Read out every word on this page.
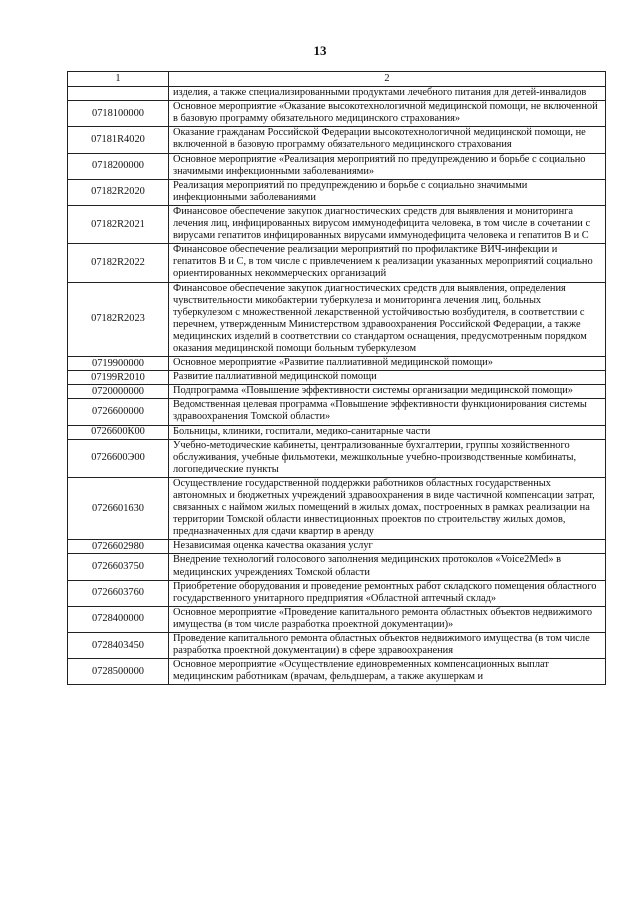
13
1	2
	изделия, а также специализированными продуктами лечебного питания для детей-инвалидов
0718100000	Основное мероприятие «Оказание высокотехнологичной медицинской помощи, не включенной в базовую программу обязательного медицинского страхования»
07181R4020	Оказание гражданам Российской Федерации высокотехнологичной медицинской помощи, не включенной в базовую программу обязательного медицинского страхования
0718200000	Основное мероприятие «Реализация мероприятий по предупреждению и борьбе с социально значимыми инфекционными заболеваниями»
07182R2020	Реализация мероприятий по предупреждению и борьбе с социально значимыми инфекционными заболеваниями
07182R2021	Финансовое обеспечение закупок диагностических средств для выявления и мониторинга лечения лиц, инфицированных вирусом иммунодефицита человека, в том числе в сочетании с вирусами гепатитов инфицированных вирусами иммунодефицита человека и гепатитов B и C
07182R2022	Финансовое обеспечение реализации мероприятий по профилактике ВИЧ-инфекции и гепатитов B и C, в том числе с привлечением к реализации указанных мероприятий социально ориентированных некоммерческих организаций
07182R2023	Финансовое обеспечение закупок диагностических средств для выявления, определения чувствительности микобактерии туберкулеза и мониторинга лечения лиц, больных туберкулезом с множественной лекарственной устойчивостью возбудителя, в соответствии с перечнем, утвержденным Министерством здравоохранения Российской Федерации, а также медицинских изделий в соответствии со стандартом оснащения, предусмотренным порядком оказания медицинской помощи больным туберкулезом
0719900000	Основное мероприятие «Развитие паллиативной медицинской помощи»
07199R2010	Развитие паллиативной медицинской помощи
0720000000	Подпрограмма «Повышение эффективности системы организации медицинской помощи»
0726600000	Ведомственная целевая программа «Повышение эффективности функционирования системы здравоохранения Томской области»
0726600К00	Больницы, клиники, госпитали, медико-санитарные части
0726600Э00	Учебно-методические кабинеты, централизованные бухгалтерии, группы хозяйственного обслуживания, учебные фильмотеки, межшкольные учебно-производственные комбинаты, логопедические пункты
0726601630	Осуществление государственной поддержки работников областных государственных автономных и бюджетных учреждений здравоохранения в виде частичной компенсации затрат, связанных с наймом жилых помещений в жилых домах, построенных в рамках реализации на территории Томской области инвестиционных проектов по строительству жилых домов, предназначенных для сдачи квартир в аренду
0726602980	Независимая оценка качества оказания услуг
0726603750	Внедрение технологий голосового заполнения медицинских протоколов «Voice2Med» в медицинских учреждениях Томской области
0726603760	Приобретение оборудования и проведение ремонтных работ складского помещения областного государственного унитарного предприятия «Областной аптечный склад»
0728400000	Основное мероприятие «Проведение капитального ремонта областных объектов недвижимого имущества (в том числе разработка проектной документации)»
0728403450	Проведение капитального ремонта областных объектов недвижимого имущества (в том числе разработка проектной документации) в сфере здравоохранения
0728500000	Основное мероприятие «Осуществление единовременных компенсационных выплат медицинским работникам (врачам, фельдшерам, а также акушеркам и
